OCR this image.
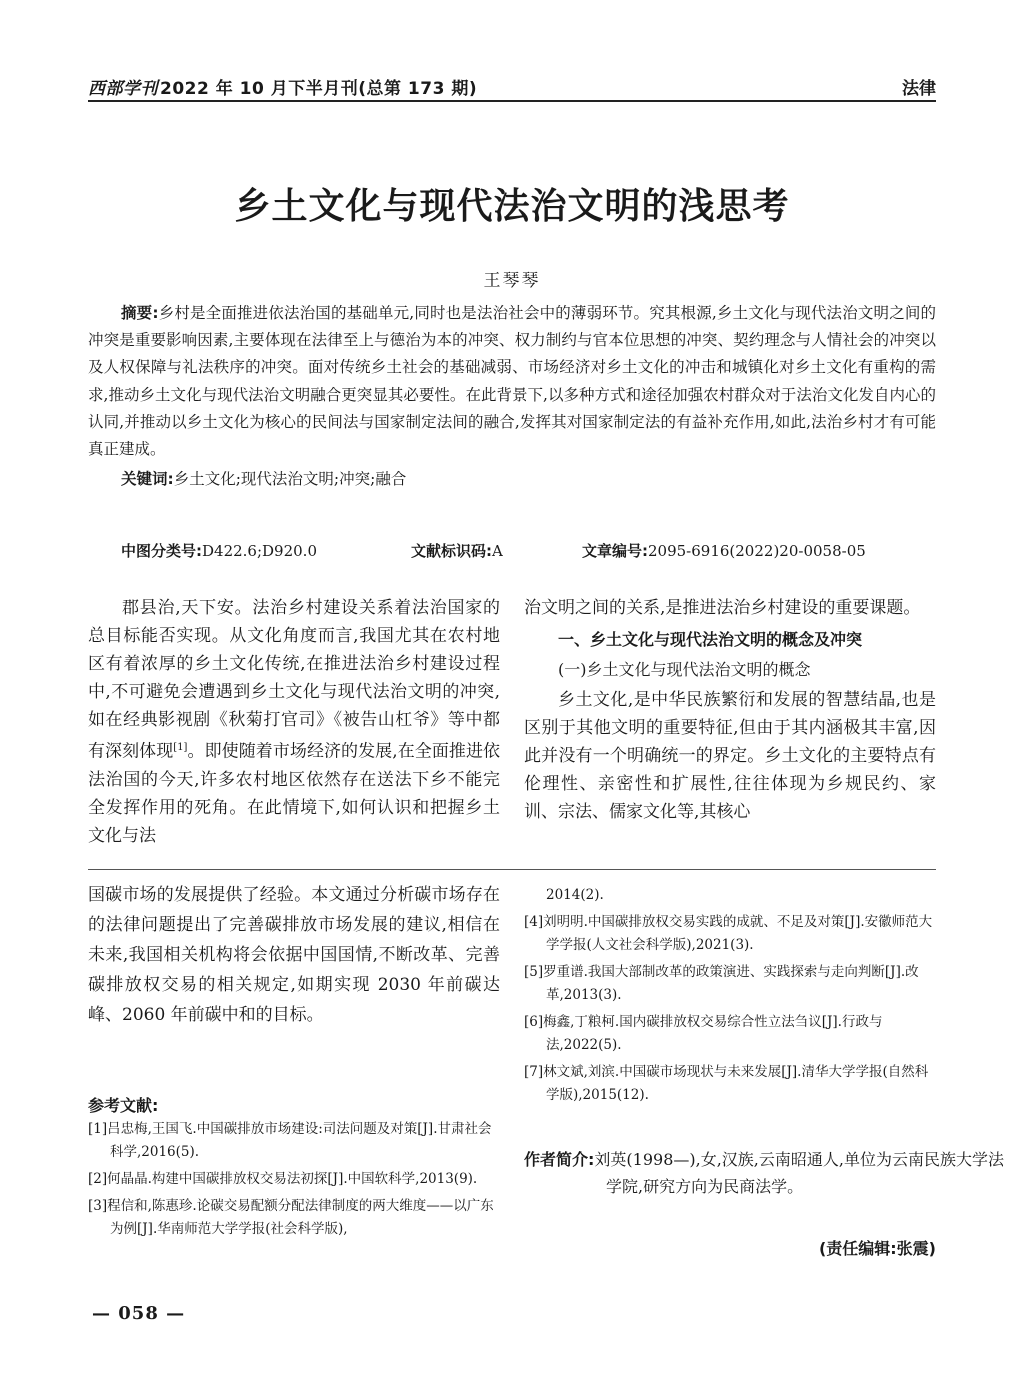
西部学刊 2022 年 10 月下半月刊(总第 173 期)	法律
乡土文化与现代法治文明的浅思考
王琴琴
摘要:乡村是全面推进依法治国的基础单元,同时也是法治社会中的薄弱环节。究其根源,乡土文化与现代法治文明之间的冲突是重要影响因素,主要体现在法律至上与德治为本的冲突、权力制约与官本位思想的冲突、契约理念与人情社会的冲突以及人权保障与礼法秩序的冲突。面对传统乡土社会的基础减弱、市场经济对乡土文化的冲击和城镇化对乡土文化有重构的需求,推动乡土文化与现代法治文明融合更突显其必要性。在此背景下,以多种方式和途径加强农村群众对于法治文化发自内心的认同,并推动以乡土文化为核心的民间法与国家制定法间的融合,发挥其对国家制定法的有益补充作用,如此,法治乡村才有可能真正建成。
关键词:乡土文化;现代法治文明;冲突;融合
中图分类号:D422.6;D920.0	文献标识码:A	文章编号:2095-6916(2022)20-0058-05
郡县治,天下安。法治乡村建设关系着法治国家的总目标能否实现。从文化角度而言,我国尤其在农村地区有着浓厚的乡土文化传统,在推进法治乡村建设过程中,不可避免会遭遇到乡土文化与现代法治文明的冲突,如在经典影视剧《秋菊打官司》《被告山杠爷》等中都有深刻体现[1]。即使随着市场经济的发展,在全面推进依法治国的今天,许多农村地区依然存在送法下乡不能完全发挥作用的死角。在此情境下,如何认识和把握乡土文化与法
治文明之间的关系,是推进法治乡村建设的重要课题。
一、乡土文化与现代法治文明的概念及冲突
(一)乡土文化与现代法治文明的概念
乡土文化,是中华民族繁衍和发展的智慧结晶,也是区别于其他文明的重要特征,但由于其内涵极其丰富,因此并没有一个明确统一的界定。乡土文化的主要特点有伦理性、亲密性和扩展性,往往体现为乡规民约、家训、宗法、儒家文化等,其核心
国碳市场的发展提供了经验。本文通过分析碳市场存在的法律问题提出了完善碳排放市场发展的建议,相信在未来,我国相关机构将会依据中国国情,不断改革、完善碳排放权交易的相关规定,如期实现 2030 年前碳达峰、2060 年前碳中和的目标。
参考文献:
[1]吕忠梅,王国飞.中国碳排放市场建设:司法问题及对策[J].甘肃社会科学,2016(5).
[2]何晶晶.构建中国碳排放权交易法初探[J].中国软科学,2013(9).
[3]程信和,陈惠珍.论碳交易配额分配法律制度的两大维度——以广东为例[J].华南师范大学学报(社会科学版),
2014(2).
[4]刘明明.中国碳排放权交易实践的成就、不足及对策[J].安徽师范大学学报(人文社会科学版),2021(3).
[5]罗重谱.我国大部制改革的政策演进、实践探索与走向判断[J].改革,2013(3).
[6]梅鑫,丁粮柯.国内碳排放权交易综合性立法刍议[J].行政与法,2022(5).
[7]林文斌,刘滨.中国碳市场现状与未来发展[J].清华大学学报(自然科学版),2015(12).
作者简介:刘英(1998—),女,汉族,云南昭通人,单位为云南民族大学法学院,研究方向为民商法学。
(责任编辑:张震)
— 058 —
